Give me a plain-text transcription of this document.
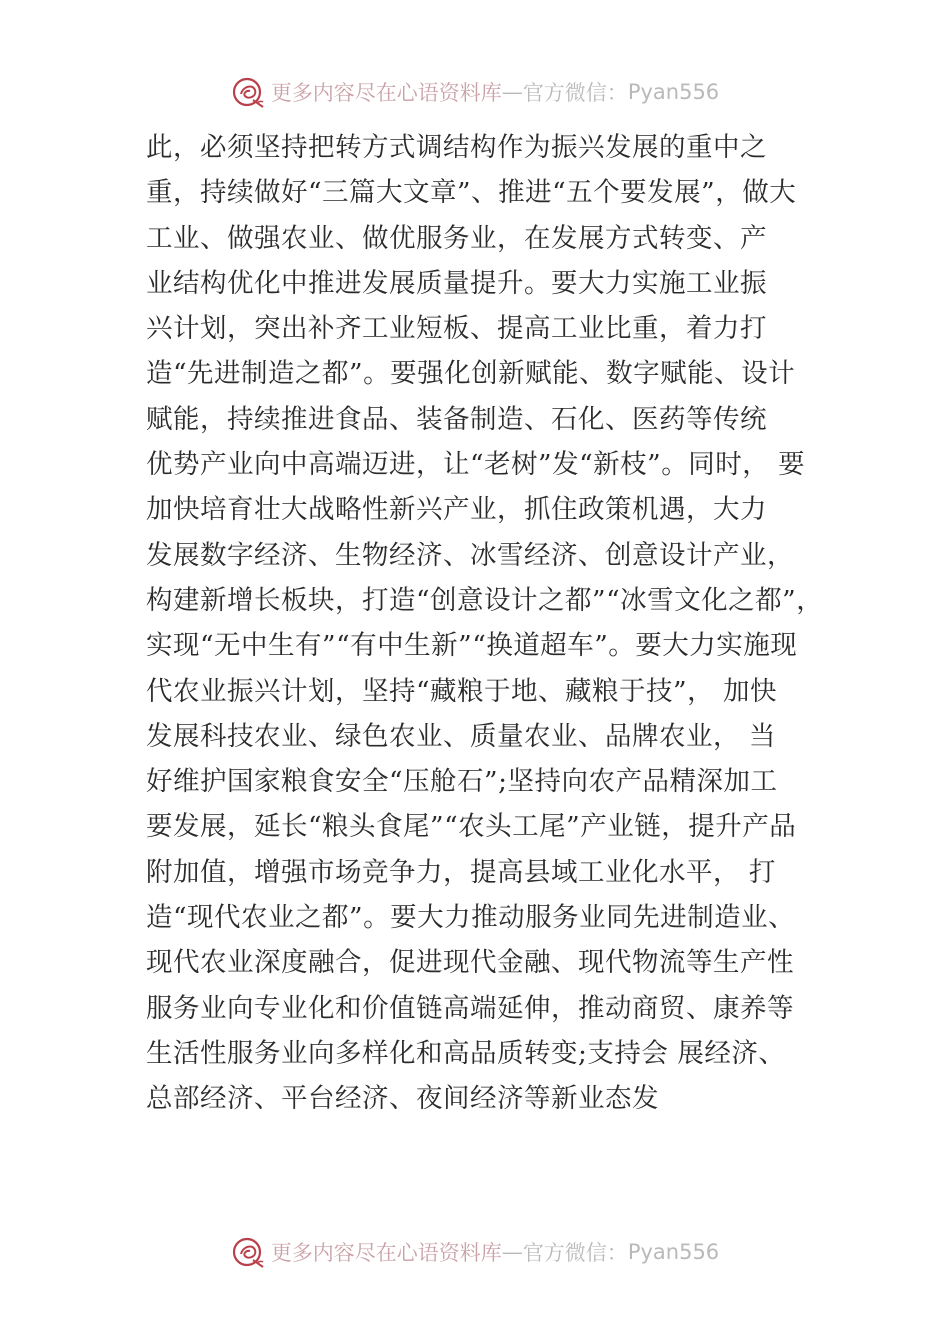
更多内容尽在心语资料库 — 官方微信： Pyan556
此，必须坚持把转方式调结构作为振兴发展的重中之
重，持续做好“三篇大文章”、推进“五个要发展”，做大
工业、做强农业、做优服务业，在发展方式转变、产
业结构优化中推进发展质量提升。要大力实施工业振
兴计划，突出补齐工业短板、提高工业比重，着力打
造“先进制造之都”。要强化创新赋能、数字赋能、设计
赋能，持续推进食品、装备制造、石化、医药等传统
优势产业向中高端迈进，让“老树”发“新枝”。同时， 要
加快培育壮大战略性新兴产业，抓住政策机遇，大力
发展数字经济、生物经济、冰雪经济、创意设计产业，
构建新增长板块，打造“创意设计之都”“冰雪文化之都”，
实现“无中生有”“有中生新”“换道超车”。要大力实施现
代农业振兴计划，坚持“藏粮于地、藏粮于技”， 加快
发展科技农业、绿色农业、质量农业、品牌农业， 当
好维护国家粮食安全“压舱石”;坚持向农产品精深加工
要发展，延长“粮头食尾”“农头工尾”产业链，提升产品
附加值，增强市场竞争力，提高县域工业化水平， 打
造“现代农业之都”。要大力推动服务业同先进制造业、
现代农业深度融合，促进现代金融、现代物流等生产性
服务业向专业化和价值链高端延伸，推动商贸、康养等
生活性服务业向多样化和高品质转变;支持会 展经济、
总部经济、平台经济、夜间经济等新业态发
更多内容尽在心语资料库 — 官方微信： Pyan556
